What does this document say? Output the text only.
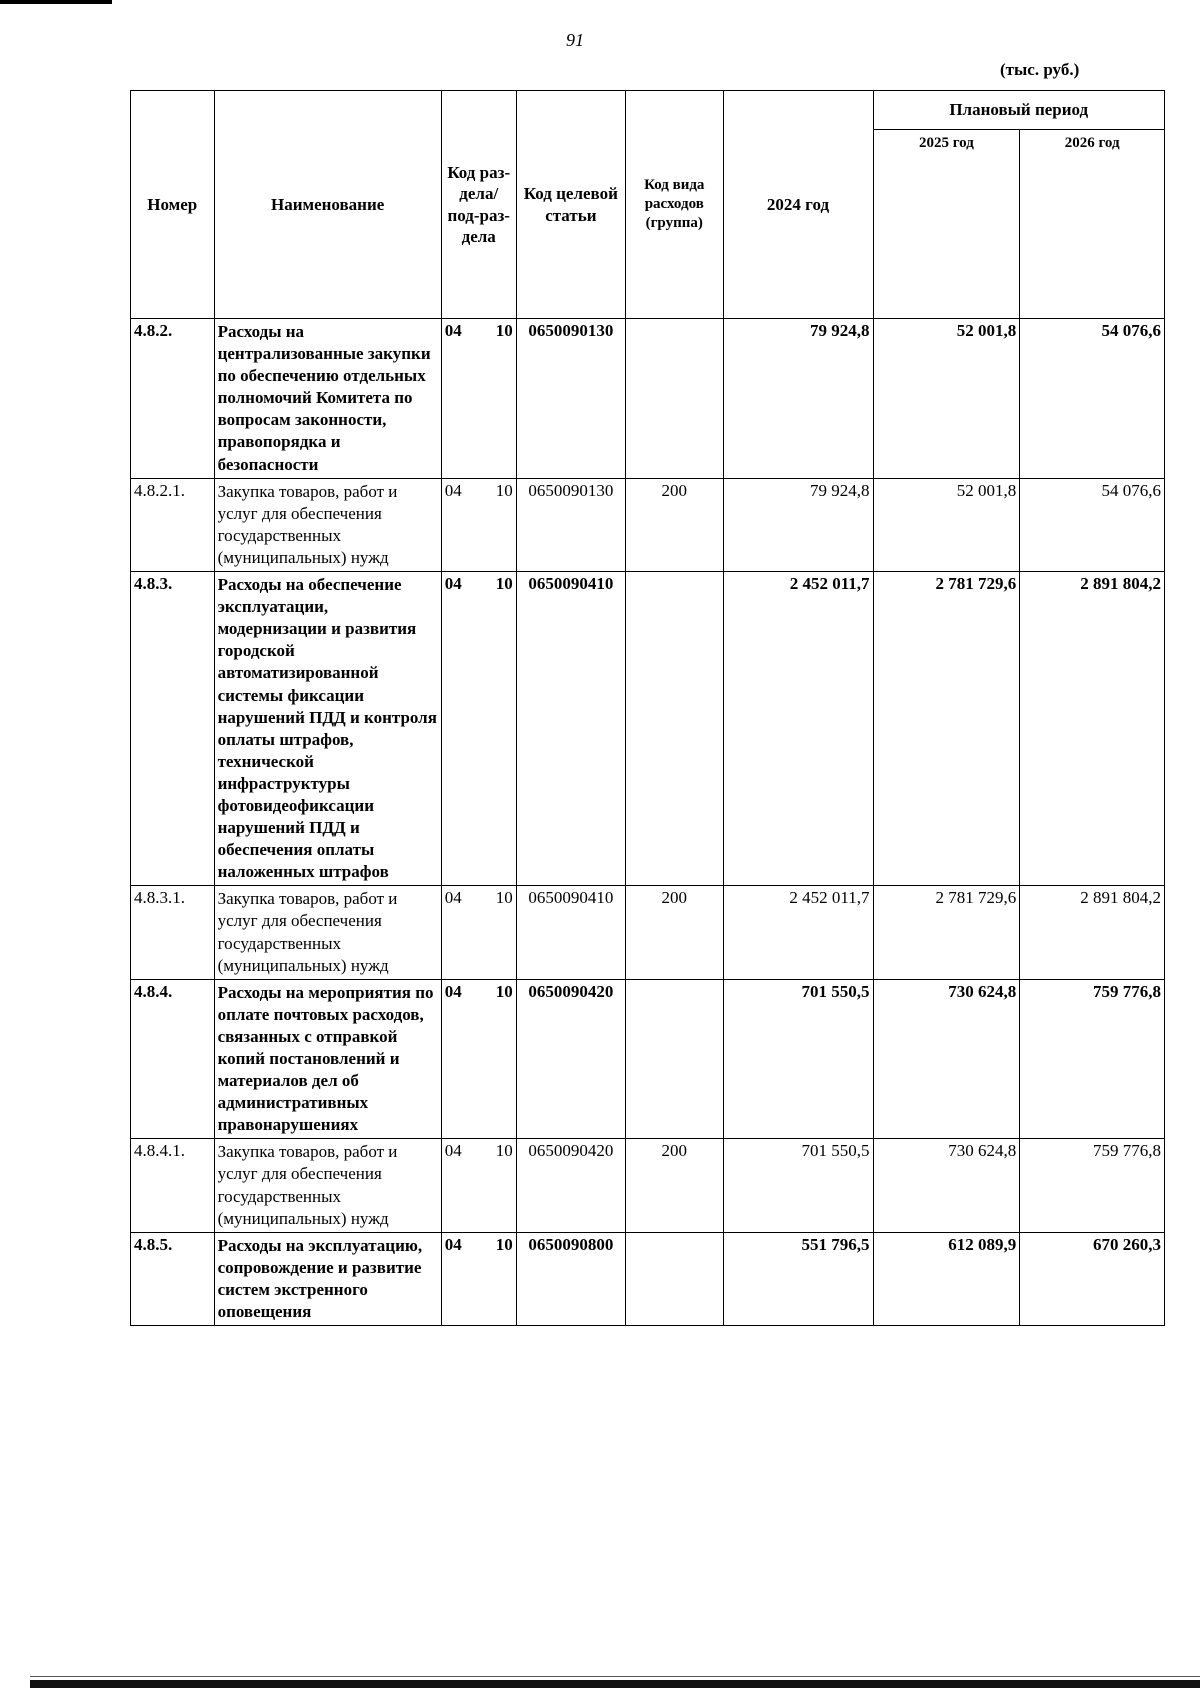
91
(тыс. руб.)
Номер	Наименование	Код раз-дела/ под-раз-дела	Код целевой статьи	Код вида расходов (группа)	2024 год	Плановый период	
						2025 год	2026 год
4.8.2.	Расходы на централизованные закупки по обеспечению отдельных полномочий Комитета по вопросам законности, правопорядка и безопасности	04 10	0650090130		79 924,8	52 001,8	54 076,6
4.8.2.1.	Закупка товаров, работ и услуг для обеспечения государственных (муниципальных) нужд	04 10	0650090130	200	79 924,8	52 001,8	54 076,6
4.8.3.	Расходы на обеспечение эксплуатации, модернизации и развития городской автоматизированной системы фиксации нарушений ПДД и контроля оплаты штрафов, технической инфраструктуры фотовидеофиксации нарушений ПДД и обеспечения оплаты наложенных штрафов	04 10	0650090410		2 452 011,7	2 781 729,6	2 891 804,2
4.8.3.1.	Закупка товаров, работ и услуг для обеспечения государственных (муниципальных) нужд	04 10	0650090410	200	2 452 011,7	2 781 729,6	2 891 804,2
4.8.4.	Расходы на мероприятия по оплате почтовых расходов, связанных с отправкой копий постановлений и материалов дел об административных правонарушениях	04 10	0650090420		701 550,5	730 624,8	759 776,8
4.8.4.1.	Закупка товаров, работ и услуг для обеспечения государственных (муниципальных) нужд	04 10	0650090420	200	701 550,5	730 624,8	759 776,8
4.8.5.	Расходы на эксплуатацию, сопровождение и развитие систем экстренного оповещения	04 10	0650090800		551 796,5	612 089,9	670 260,3
